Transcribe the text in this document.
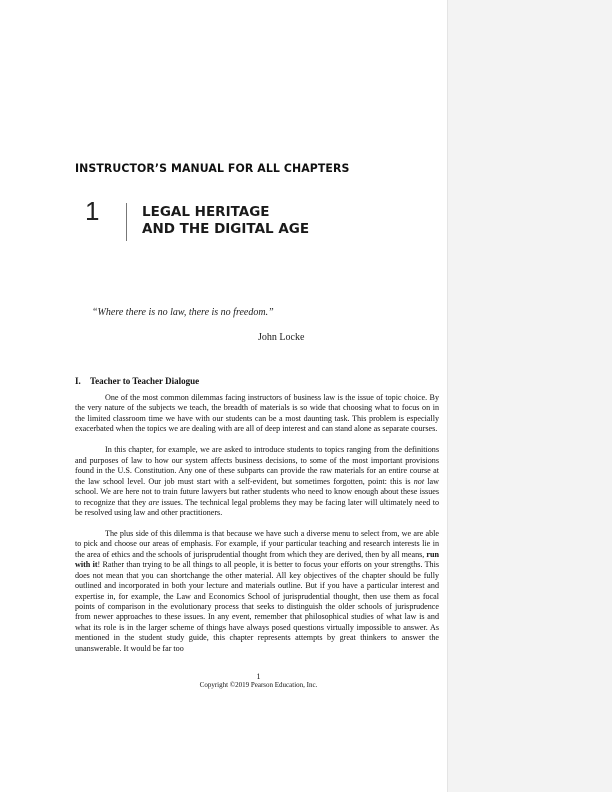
INSTRUCTOR’S MANUAL FOR ALL CHAPTERS
1	LEGAL HERITAGE
AND THE DIGITAL AGE
“Where there is no law, there is no freedom.”
John Locke
I. Teacher to Teacher Dialogue

One of the most common dilemmas facing instructors of business law is the issue of topic choice. By the very nature of the subjects we teach, the breadth of materials is so wide that choosing what to focus on in the limited classroom time we have with our students can be a most daunting task. This problem is especially exacerbated when the topics we are dealing with are all of deep interest and can stand alone as separate courses.

In this chapter, for example, we are asked to introduce students to topics ranging from the definitions and purposes of law to how our system affects business decisions, to some of the most important provisions found in the U.S. Constitution. Any one of these subparts can provide the raw materials for an entire course at the law school level. Our job must start with a self-evident, but sometimes forgotten, point: this is not law school. We are here not to train future lawyers but rather students who need to know enough about these issues to recognize that they are issues. The technical legal problems they may be facing later will ultimately need to be resolved using law and other practitioners.

The plus side of this dilemma is that because we have such a diverse menu to select from, we are able to pick and choose our areas of emphasis. For example, if your particular teaching and research interests lie in the area of ethics and the schools of jurisprudential thought from which they are derived, then by all means, run with it! Rather than trying to be all things to all people, it is better to focus your efforts on your strengths. This does not mean that you can shortchange the other material. All key objectives of the chapter should be fully outlined and incorporated in both your lecture and materials outline. But if you have a particular interest and expertise in, for example, the Law and Economics School of jurisprudential thought, then use them as focal points of comparison in the evolutionary process that seeks to distinguish the older schools of jurisprudence from newer approaches to these issues. In any event, remember that philosophical studies of what law is and what its role is in the larger scheme of things have always posed questions virtually impossible to answer. As mentioned in the student study guide, this chapter represents attempts by great thinkers to answer the unanswerable. It would be far too

1
Copyright ©2019 Pearson Education, Inc.
